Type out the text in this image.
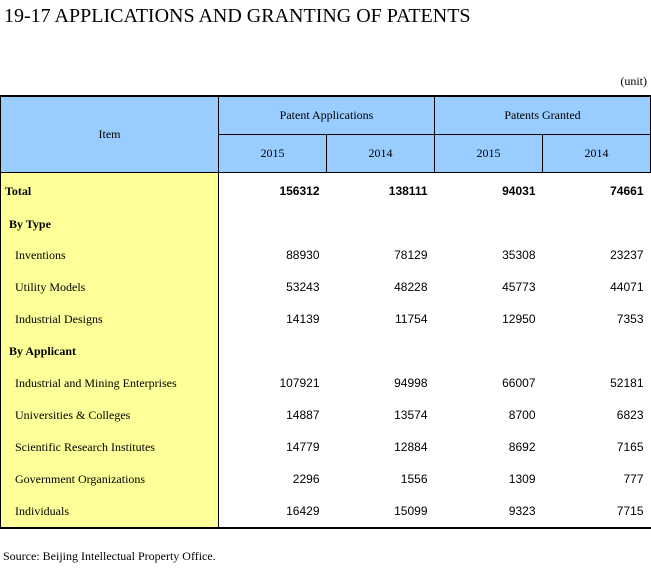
19-17 APPLICATIONS AND GRANTING OF PATENTS
(unit)
Item	Patent Applications		Patents Granted	
	2015	2014	2015	2014
Total	156312	138111	94031	74661
By Type				
Inventions	88930	78129	35308	23237
Utility Models	53243	48228	45773	44071
Industrial Designs	14139	11754	12950	7353
By Applicant				
Industrial and Mining Enterprises	107921	94998	66007	52181
Universities & Colleges	14887	13574	8700	6823
Scientific Research Institutes	14779	12884	8692	7165
Government Organizations	2296	1556	1309	777
Individuals	16429	15099	9323	7715
Source: Beijing Intellectual Property Office.
